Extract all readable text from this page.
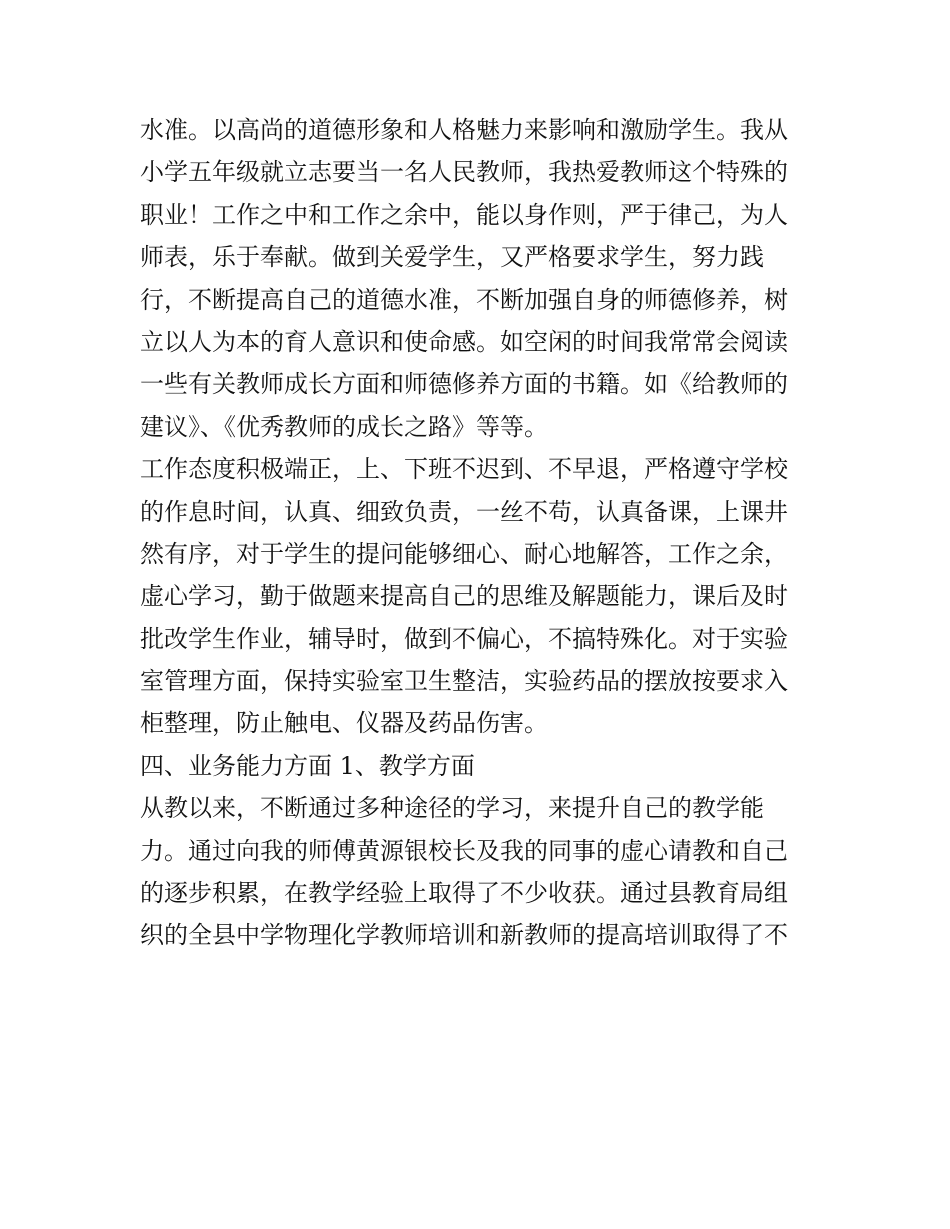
水准。以高尚的道德形象和人格魅力来影响和激励学生。我从
小学五年级就立志要当一名人民教师，我热爱教师这个特殊的
职业！工作之中和工作之余中，能以身作则，严于律己，为人
师表，乐于奉献。做到关爱学生，又严格要求学生，努力践
行，不断提高自己的道德水准，不断加强自身的师德修养，树
立以人为本的育人意识和使命感。如空闲的时间我常常会阅读
一些有关教师成长方面和师德修养方面的书籍。如《给教师的
建议》、《优秀教师的成长之路》等等。
工作态度积极端正，上、下班不迟到、不早退，严格遵守学校
的作息时间，认真、细致负责，一丝不苟，认真备课，上课井
然有序，对于学生的提问能够细心、耐心地解答，工作之余，
虚心学习，勤于做题来提高自己的思维及解题能力，课后及时
批改学生作业，辅导时，做到不偏心，不搞特殊化。对于实验
室管理方面，保持实验室卫生整洁，实验药品的摆放按要求入
柜整理，防止触电、仪器及药品伤害。
四、业务能力方面 1、教学方面
从教以来，不断通过多种途径的学习，来提升自己的教学能
力。通过向我的师傅黄源银校长及我的同事的虚心请教和自己
的逐步积累，在教学经验上取得了不少收获。通过县教育局组
织的全县中学物理化学教师培训和新教师的提高培训取得了不
